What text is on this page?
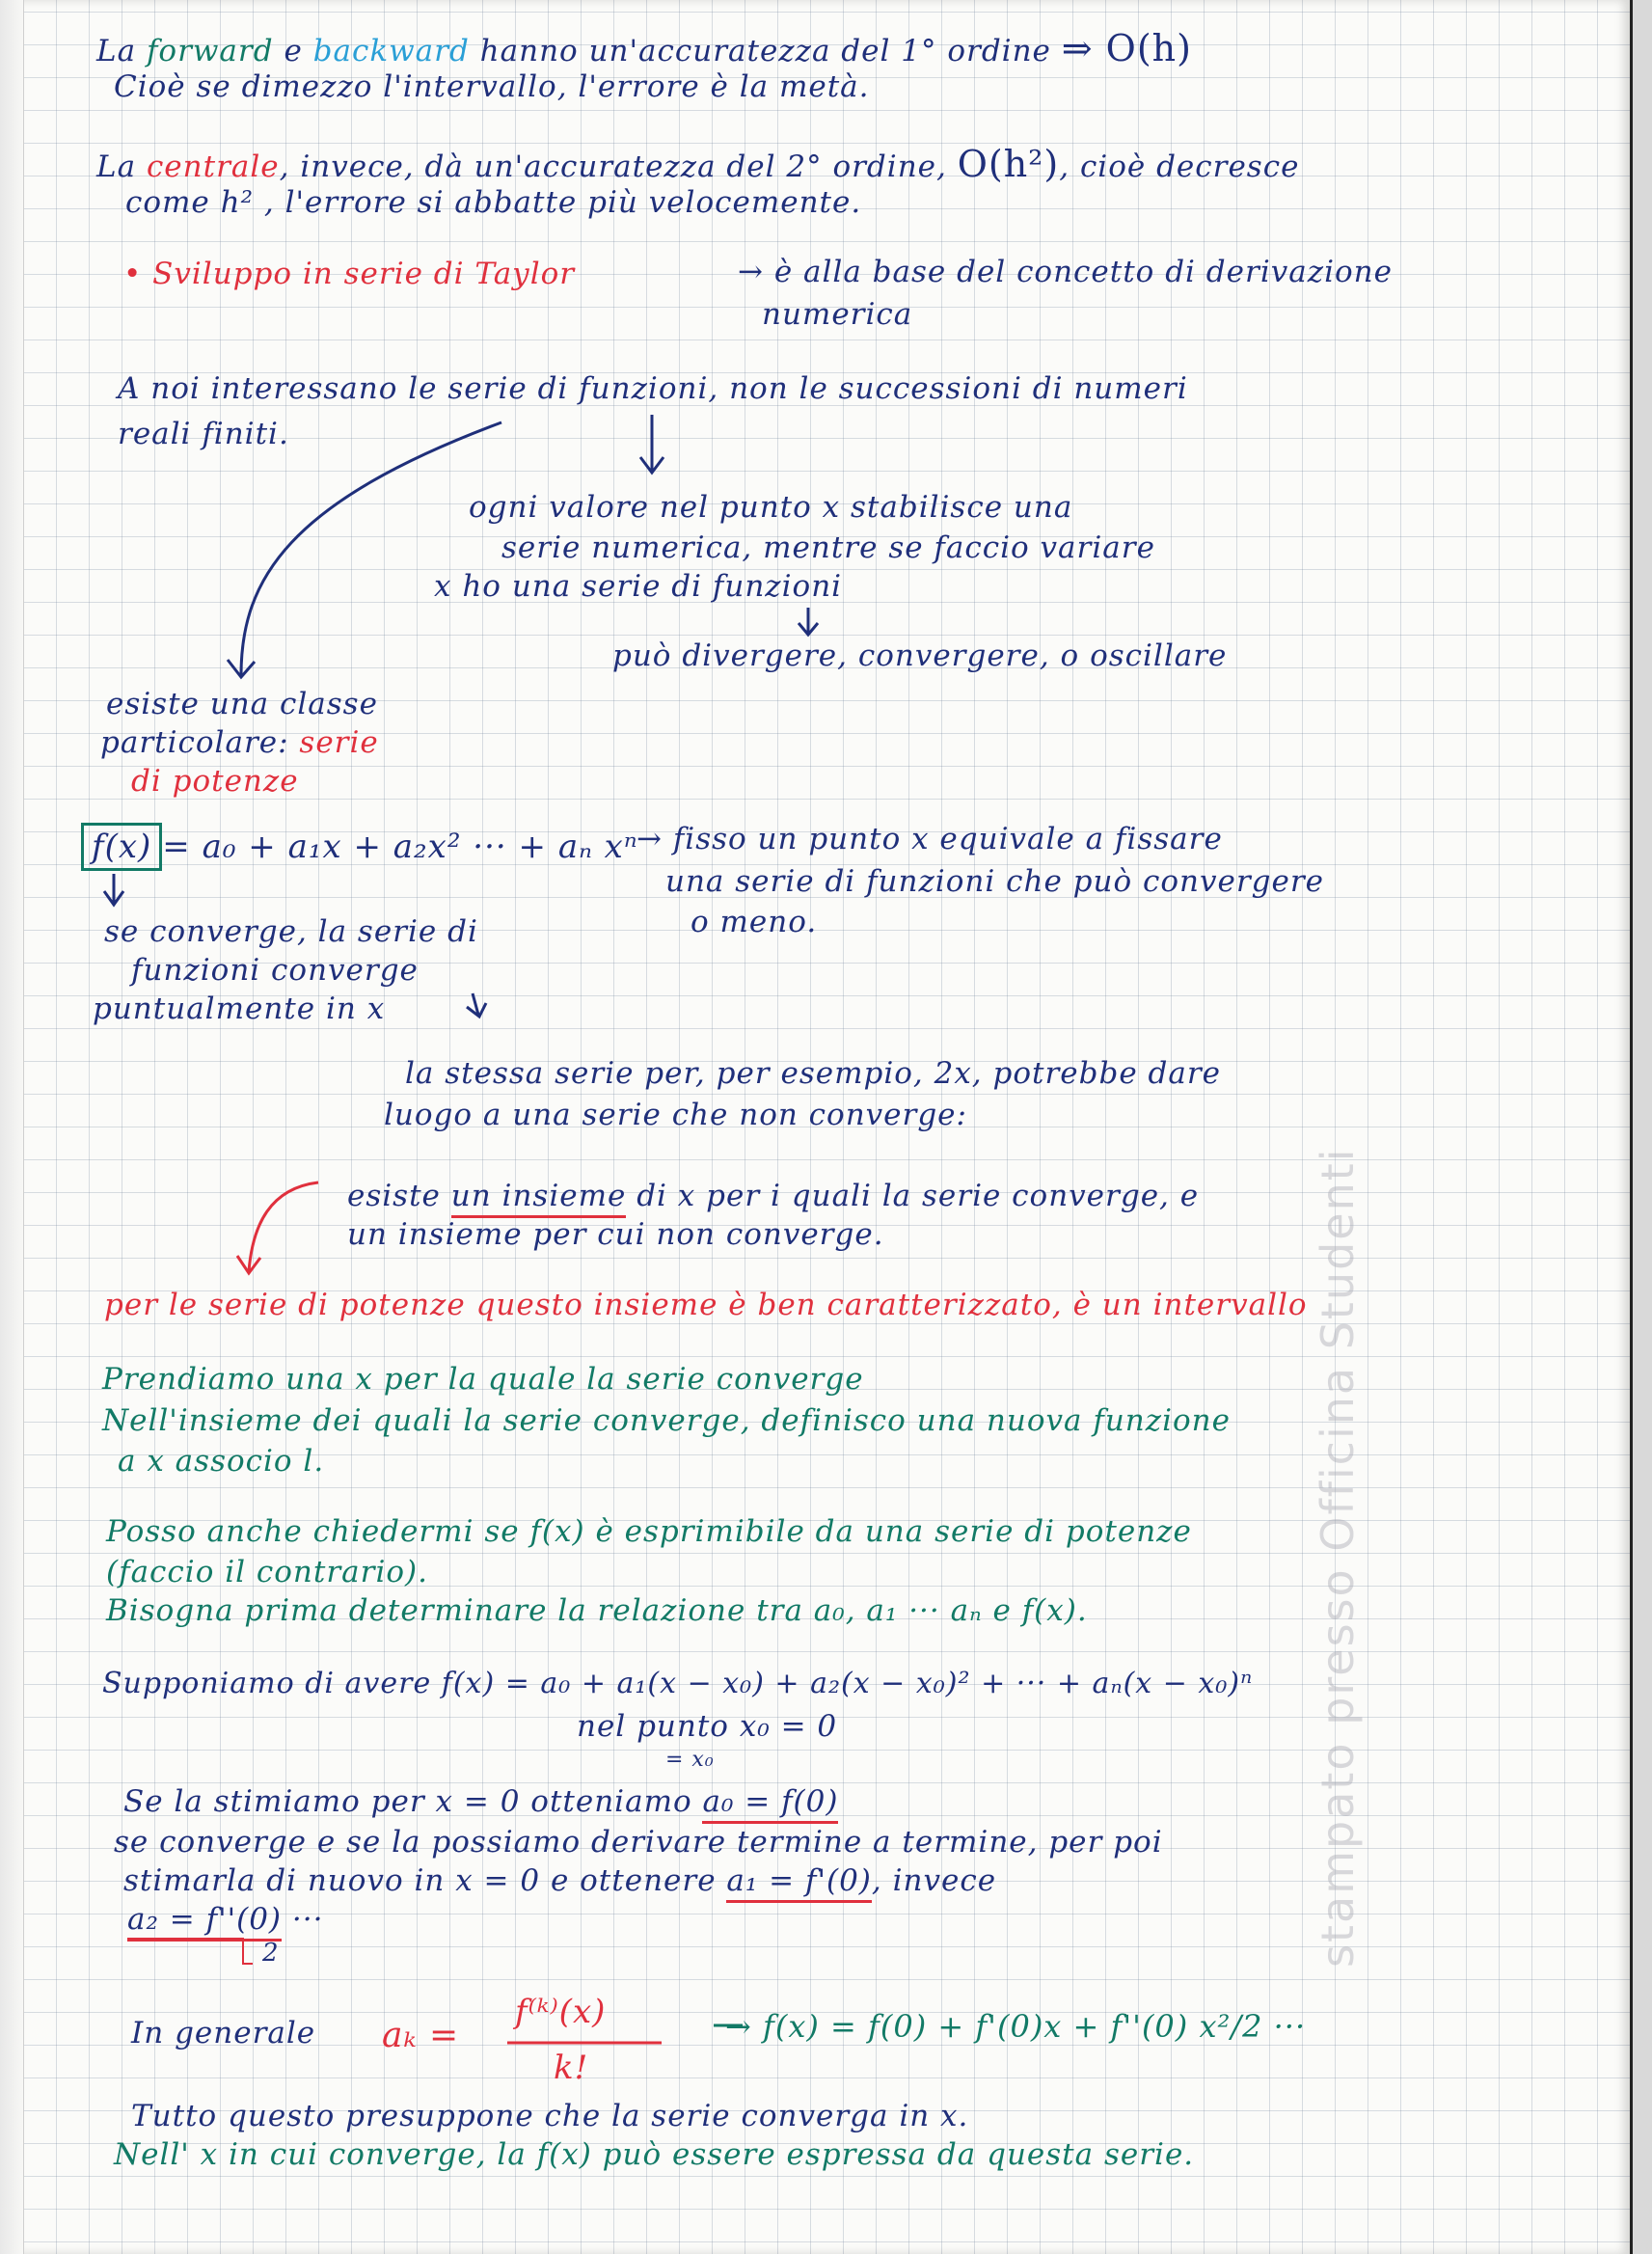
La forward e backward hanno un'accuratezza del 1° ordine ⇒ O(h)
Cioè se dimezzo l'intervallo, l'errore è la metà.
La centrale, invece, dà un'accuratezza del 2° ordine, O(h²), cioè decresce
come h² , l'errore si abbatte più velocemente.
• Sviluppo in serie di Taylor	→ è alla base del concetto di derivazione
numerica
A noi interessano le serie di funzioni, non le successioni di numeri
reali finiti.
ogni valore nel punto x stabilisce una
serie numerica, mentre se faccio variare
x ho una serie di funzioni
può divergere, convergere, o oscillare
esiste una classe
particolare: serie
di potenze
f(x) = a₀ + a₁x + a₂x² ··· + aₙ xⁿ
→ fisso un punto x equivale a fissare
una serie di funzioni che può convergere
o meno.
se converge, la serie di
funzioni converge
puntualmente in x
la stessa serie per, per esempio, 2x, potrebbe dare
luogo a una serie che non converge:
esiste un insieme di x per i quali la serie converge, e
un insieme per cui non converge.
per le serie di potenze questo insieme è ben caratterizzato, è un intervallo
Prendiamo una x per la quale la serie converge
Nell'insieme dei quali la serie converge, definisco una nuova funzione
a x associo l.
Posso anche chiedermi se f(x) è esprimibile da una serie di potenze
(faccio il contrario).
Bisogna prima determinare la relazione tra a₀, a₁ ··· aₙ e f(x).
Supponiamo di avere f(x) = a₀ + a₁(x − x₀) + a₂(x − x₀)² + ··· + aₙ(x − x₀)ⁿ
nel punto x₀ = 0
= x₀
Se la stimiamo per x = 0 otteniamo a₀ = f(0)
se converge e se la possiamo derivare termine a termine, per poi
stimarla di nuovo in x = 0 e ottenere a₁ = f'(0), invece
a₂ = f''(0) ···
2
In generale aₖ =
f⁽ᵏ⁾(x)
k!
→ f(x) = f(0) + f'(0)x + f''(0) x²/2 ···
Tutto questo presuppone che la serie converga in x.
Nell' x in cui converge, la f(x) può essere espressa da questa serie.
stampato presso Officina Studenti
